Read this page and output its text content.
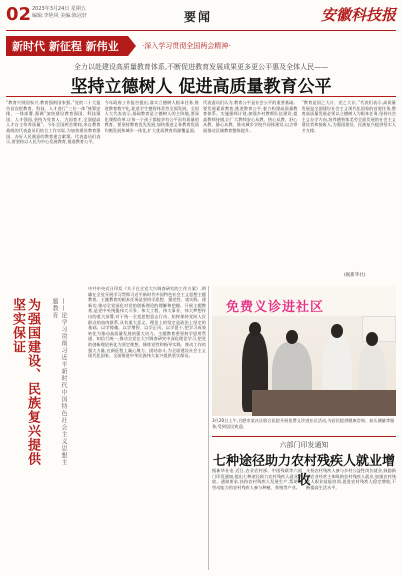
02 2023年3月24日 星期五
编辑:李艳风 美编:陈冠轩	要闻	安徽科技报
新时代 新征程 新伟业	·深入学习贯彻全国两会精神·
全力以赴建设高质量教育体系,不断促进教育发展成果更多更公平惠及全体人民——
坚持立德树人 促进高质量教育公平
“教育兴则国家兴,教育强则国家强。”党的二十大报告首次把教育、科技、人才进行“三位一体”统筹安排、一体部署,强调“加快建设教育强国、科技强国、人才强国,坚持为党育人、为国育才,全面提高人才自主培养质量”。今年全国两会期间,来自教育战线的代表委员们结合工作实际,为加快建设教育强国、办好人民满意的教育建言献策。代表委员们表示,要坚持以人民为中心发展教育,推进教育公平。
今年政府工作报告提出,落实立德树人根本任务,推进教育数字化,促进学生德智体美劳全面发展。全国人大代表表示,基础教育是立德树人的主阵地,要深化课程改革,让每一个孩子都能享有公平而有质量的教育。要坚持教育优先发展,加快推进义务教育优质均衡发展和城乡一体化,扩大优质教育资源覆盖面。
代表委员们认为,教育公平是社会公平的重要基础。要发展素质教育,推进教育公平,着力构建高质量教育体系。实施强师计划,加强乡村教师队伍建设,提高教师待遇,让广大教师安心从教、热心从教、舒心从教、静心从教。推动城乡学校共同体建设,以点带面推动区域教育整体提升。
“教育是国之大计、党之大计。”代表们表示,高质量发展是全面建设社会主义现代化国家的首要任务,教育高质量发展必须以立德树人为根本任务,坚持社会主义办学方向,培养德智体美劳全面发展的社会主义建设者和接班人,为强国建设、民族复兴提供坚实人才支撑。
(据新华社)
为强国建设、民族复兴提供坚实保证	——论学习贯彻习近平新时代中国特色社会主义思想主题教育
中共中央近日印发《关于在全党大兴调查研究的工作方案》,明确在全党开展学习贯彻习近平新时代中国特色社会主义思想主题教育。主题教育的根本任务是坚持学思想、强党性、重实践、建新功,推动全党深化对党的创新理论的理解和把握。开展主题教育,是党中央统揽伟大斗争、伟大工程、伟大事业、伟大梦想作出的重大部署,对于统一全党思想意志行动、始终保持党同人民群众的血肉联系,具有重大意义。理论上的坚定是政治上坚定的基础。以学铸魂、以学增智、以学正风、以学促干,把学习成效转化为推动高质量发展的强大动力。主题教育要坚持学思用贯通、知信行统一,推动全党在大兴调查研究中深化理论学习,把党的创新理论转化为坚定理想、锤炼党性和指导实践、推动工作的强大力量,在新征程上凝心聚力、团结奋斗,为全面建设社会主义现代化国家、全面推进中华民族伟大复兴提供坚实保证。
免费义诊进社区
3月20日上午,合肥市某社区联合医院开展免费义诊进社区活动,为居民提供健康咨询、血压测量等服务,受到居民欢迎。
六部门印发通知
七种途径助力农村残疾人就业增收
据新华社电 近日,农业农村部、中国残联等六部门印发通知,提出七种途径助力农村残疾人就业增收。通知要求,扶持农村残疾人发展生产,帮助有劳动能力的农村残疾人参与种植、养殖等产业。
支持农村残疾人参与乡村公益性岗位就业,鼓励新型农业经营主体吸纳农村残疾人就业,加强农村残疾人职业技能培训,促进农村残疾人稳定增收,不断提高生活水平。
